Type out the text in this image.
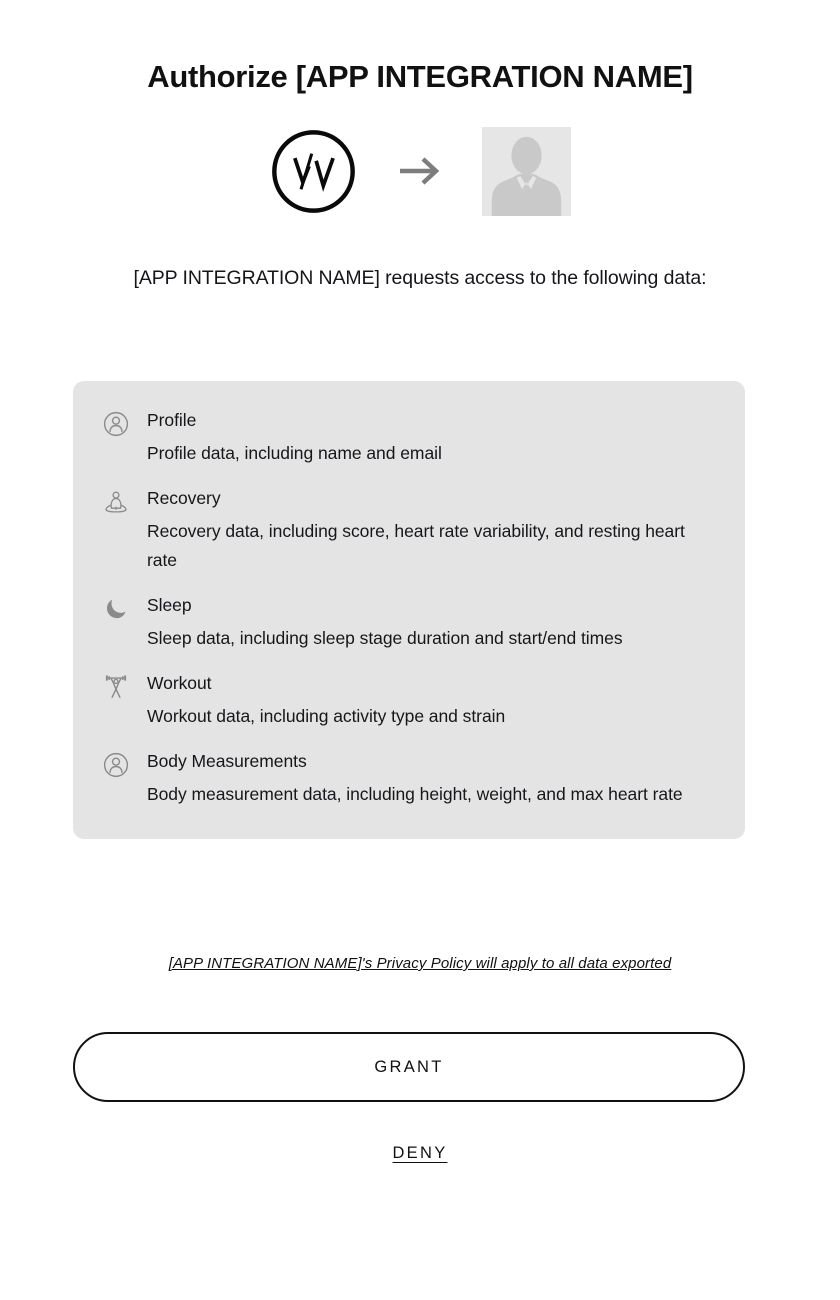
Authorize [APP INTEGRATION NAME]

[APP INTEGRATION NAME] requests access to the following data:

Profile
Profile data, including name and email
Recovery
Recovery data, including score, heart rate variability, and resting heart rate
Sleep
Sleep data, including sleep stage duration and start/end times
Workout
Workout data, including activity type and strain
Body Measurements
Body measurement data, including height, weight, and max heart rate
[APP INTEGRATION NAME]'s Privacy Policy will apply to all data exported
GRANT
DENY
